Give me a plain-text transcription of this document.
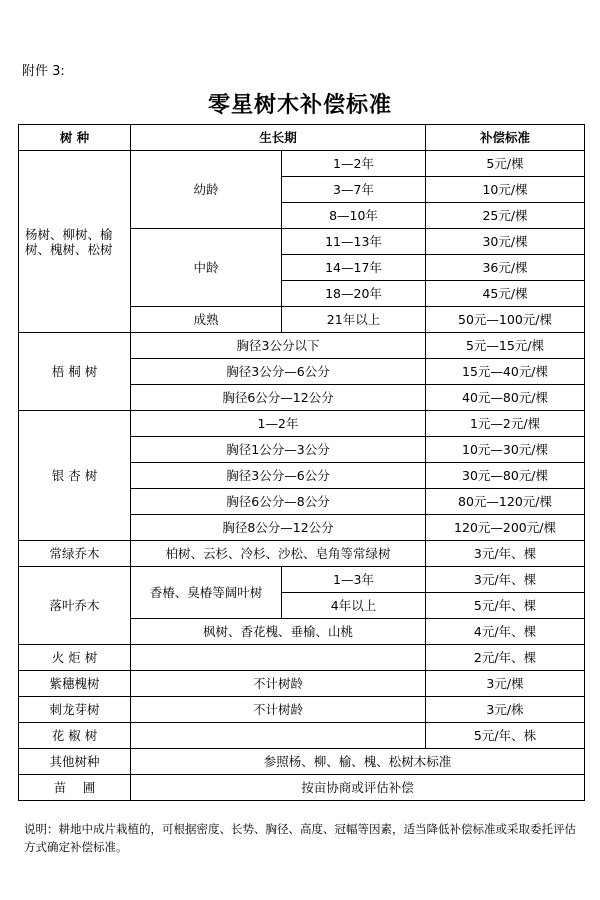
附件 3:
零星树木补偿标准
树 种	生长期		补偿标准
杨树、柳树、榆树、槐树、松树	幼龄	1—2年	5元/棵
		3—7年	10元/棵
		8—10年	25元/棵
	中龄	11—13年	30元/棵
		14—17年	36元/棵
		18—20年	45元/棵
	成熟	21年以上	50元—100元/棵
梧 桐 树	胸径3公分以下		5元—15元/棵
	胸径3公分—6公分		15元—40元/棵
	胸径6公分—12公分		40元—80元/棵
银 杏 树	1—2年		1元—2元/棵
	胸径1公分—3公分		10元—30元/棵
	胸径3公分—6公分		30元—80元/棵
	胸径6公分—8公分		80元—120元/棵
	胸径8公分—12公分		120元—200元/棵
常绿乔木	柏树、云杉、冷杉、沙松、皂角等常绿树		3元/年、棵
落叶乔木	香椿、臭椿等阔叶树	1—3年	3元/年、棵
		4年以上	5元/年、棵
	枫树、香花槐、垂榆、山桃		4元/年、棵
火 炬 树			2元/年、棵
紫穗槐树	不计树龄		3元/棵
刺龙芽树	不计树龄		3元/株
花 椒 树			5元/年、株
其他树种	参照杨、柳、榆、槐、松树木标准		
苗　 圃	按亩协商或评估补偿		
说明：耕地中成片栽植的，可根据密度、长势、胸径、高度、冠幅等因素，适当降低补偿标准或采取委托评估方式确定补偿标准。
